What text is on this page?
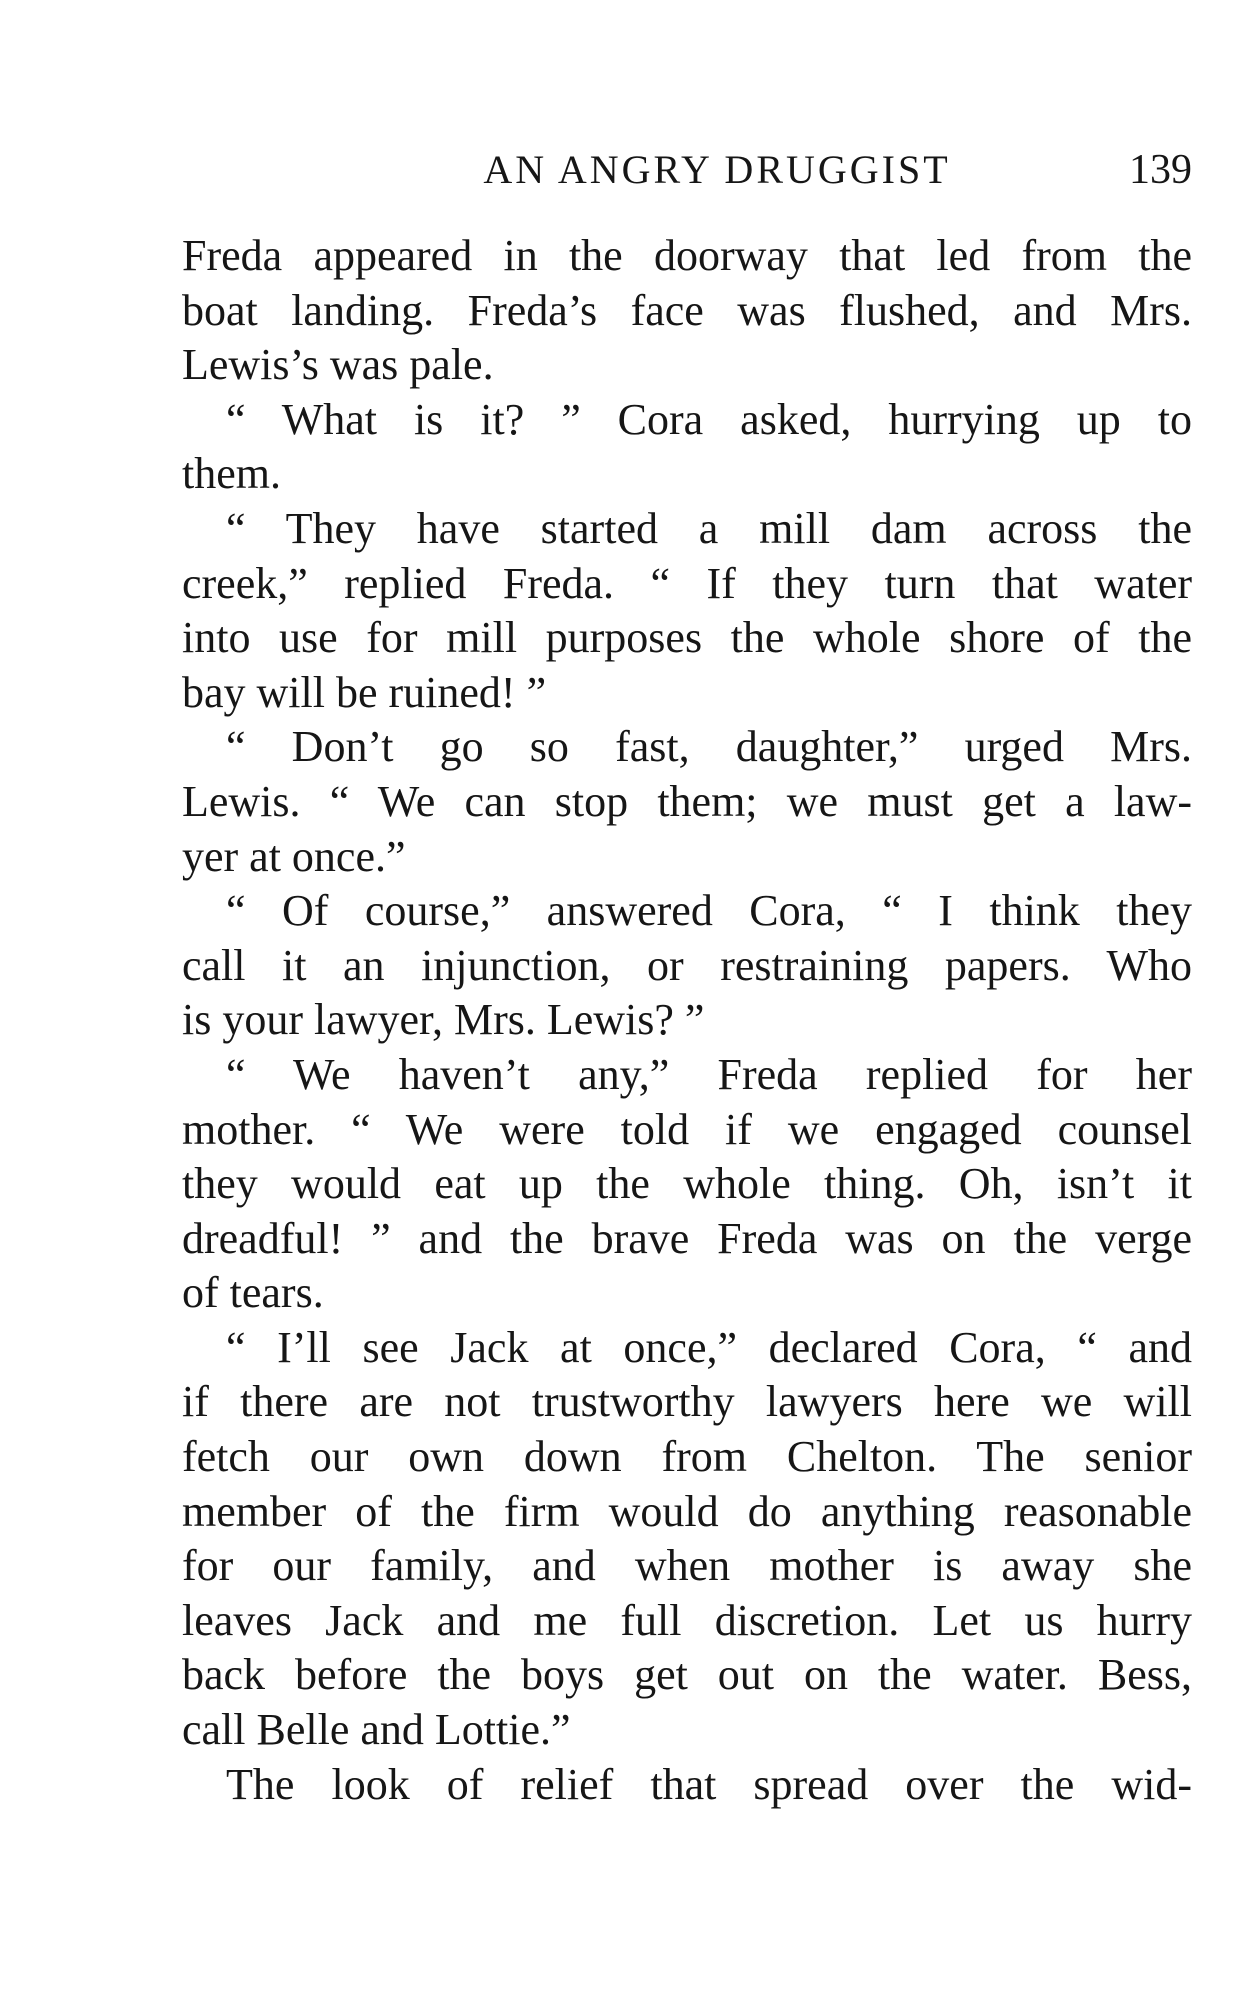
AN ANGRY DRUGGIST	139
Freda appeared in the doorway that led from the
boat landing. Freda’s face was flushed, and Mrs.
Lewis’s was pale.
“ What is it? ” Cora asked, hurrying up to
them.
“ They have started a mill dam across the
creek,” replied Freda. “ If they turn that water
into use for mill purposes the whole shore of the
bay will be ruined! ”
“ Don’t go so fast, daughter,” urged Mrs.
Lewis. “ We can stop them; we must get a law-
yer at once.”
“ Of course,” answered Cora, “ I think they
call it an injunction, or restraining papers. Who
is your lawyer, Mrs. Lewis? ”
“ We haven’t any,” Freda replied for her
mother. “ We were told if we engaged counsel
they would eat up the whole thing. Oh, isn’t it
dreadful! ” and the brave Freda was on the verge
of tears.
“ I’ll see Jack at once,” declared Cora, “ and
if there are not trustworthy lawyers here we will
fetch our own down from Chelton. The senior
member of the firm would do anything reasonable
for our family, and when mother is away she
leaves Jack and me full discretion. Let us hurry
back before the boys get out on the water. Bess,
call Belle and Lottie.”
The look of relief that spread over the wid-
